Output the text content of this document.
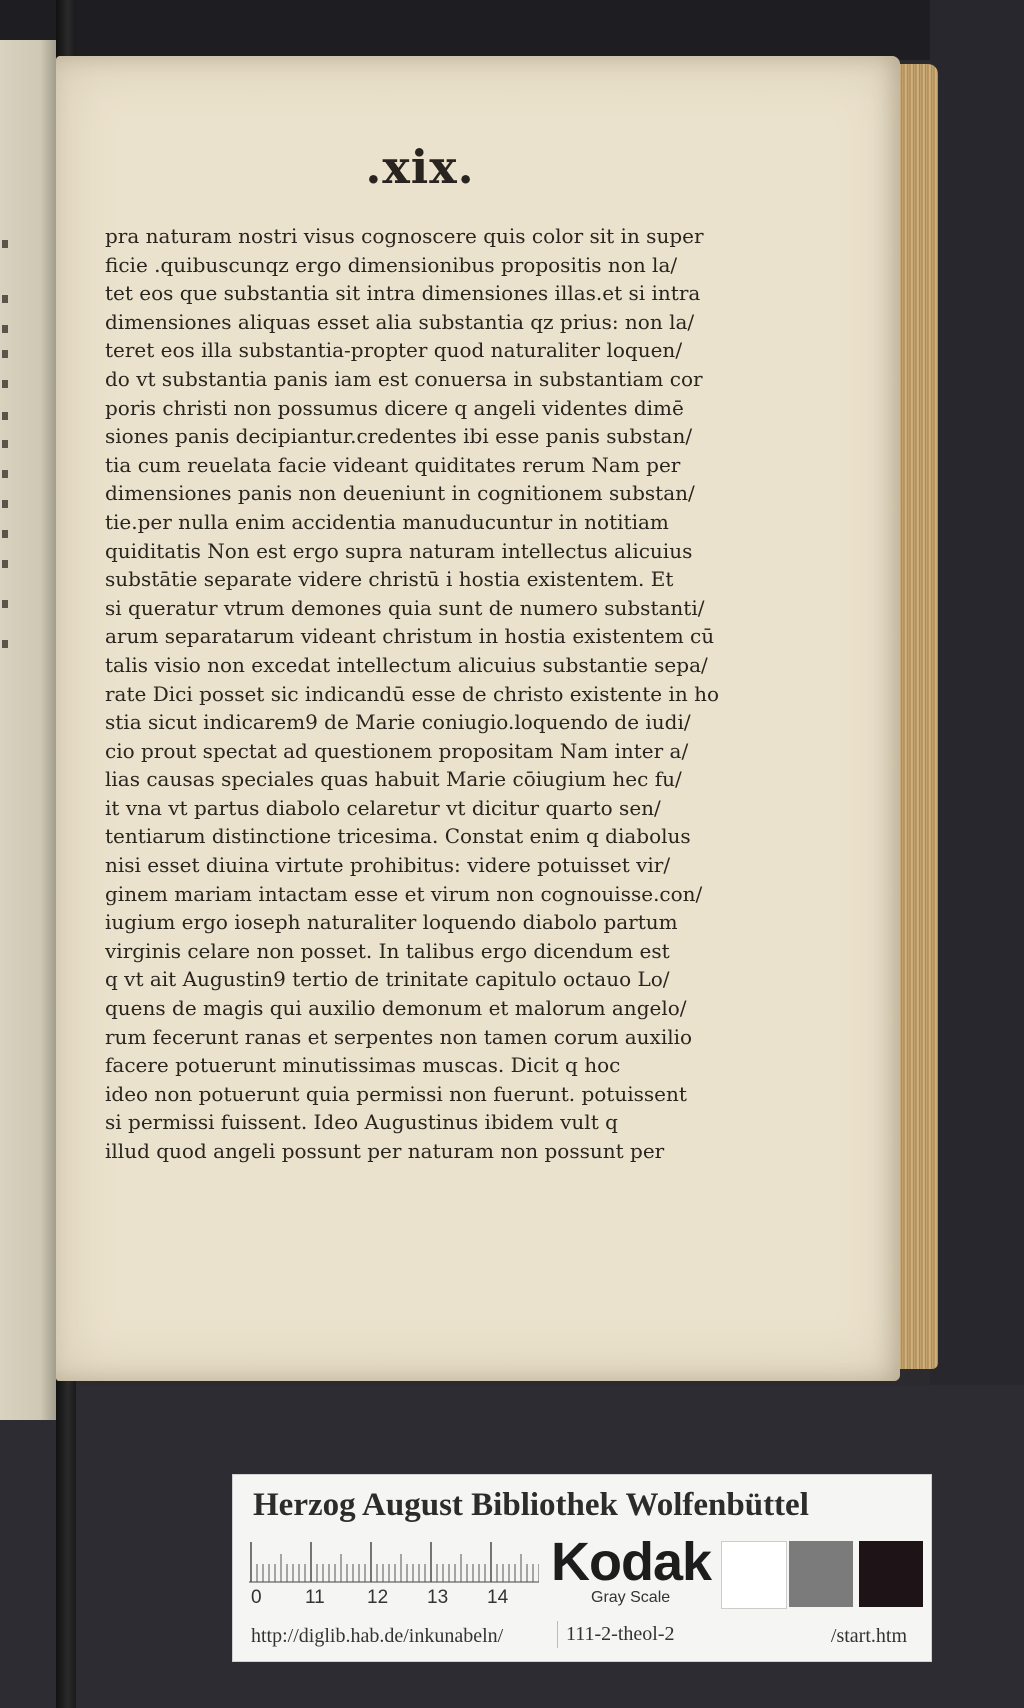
.xix.
pra naturam nostri visus cognoscere quis color sit in super
ficie .quibuscunqz ergo dimensionibus propositis non la/
tet eos que substantia sit intra dimensiones illas.et si intra
dimensiones aliquas esset alia substantia qz prius: non la/
teret eos illa substantia-propter quod naturaliter loquen/
do vt substantia panis iam est conuersa in substantiam cor
poris christi non possumus dicere q angeli videntes dimē
siones panis decipiantur.credentes ibi esse panis substan/
tia cum reuelata facie videant quiditates rerum Nam per
dimensiones panis non deueniunt in cognitionem substan/
tie.per nulla enim accidentia manuducuntur in notitiam
quiditatis Non est ergo supra naturam intellectus alicuius
substātie separate videre christū i hostia existentem. Et
si queratur vtrum demones quia sunt de numero substanti/
arum separatarum videant christum in hostia existentem cū
talis visio non excedat intellectum alicuius substantie sepa/
rate Dici posset sic indicandū esse de christo existente in ho
stia sicut indicarem9 de Marie coniugio.loquendo de iudi/
cio prout spectat ad questionem propositam Nam inter a/
lias causas speciales quas habuit Marie cōiugium hec fu/
it vna vt partus diabolo celaretur vt dicitur quarto sen/
tentiarum distinctione tricesima. Constat enim q diabolus
nisi esset diuina virtute prohibitus: videre potuisset vir/
ginem mariam intactam esse et virum non cognouisse.con/
iugium ergo ioseph naturaliter loquendo diabolo partum
virginis celare non posset. In talibus ergo dicendum est
q vt ait Augustin9 tertio de trinitate capitulo octauo Lo/
quens de magis qui auxilio demonum et malorum angelo/
rum fecerunt ranas et serpentes non tamen corum auxilio
facere potuerunt minutissimas muscas. Dicit q hoc
ideo non potuerunt quia permissi non fuerunt. potuissent
si permissi fuissent. Ideo Augustinus ibidem vult q
illud quod angeli possunt per naturam non possunt per
Herzog August Bibliothek Wolfenbüttel
0 11 12 13 14
Kodak
Gray Scale
http://diglib.hab.de/inkunabeln/	111-2-theol-2	/start.htm
